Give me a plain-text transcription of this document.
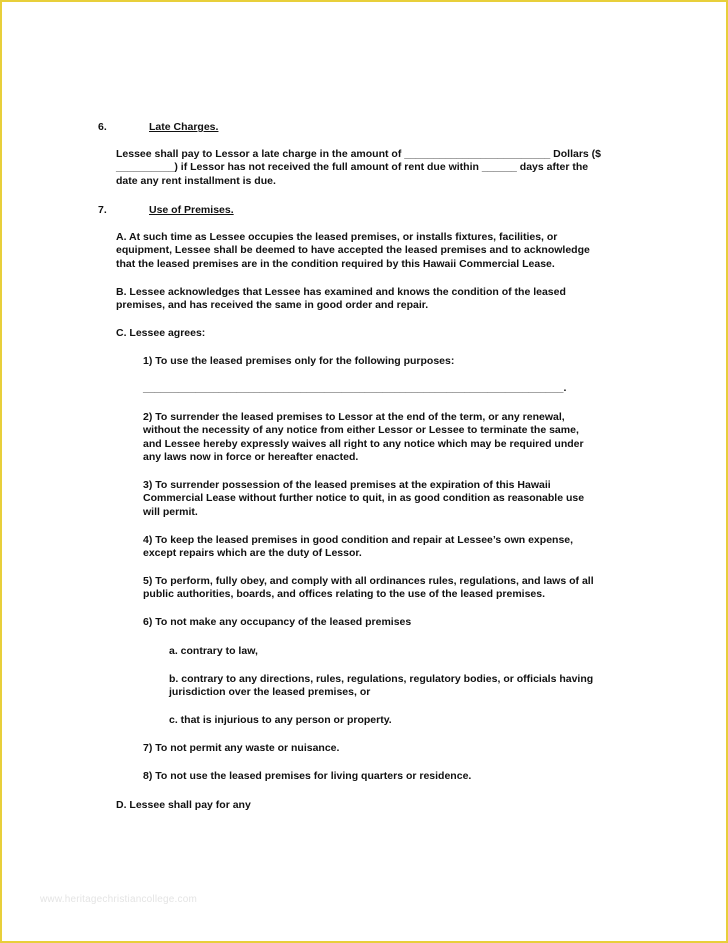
6.	Late Charges.
Lessee shall pay to Lessor a late charge in the amount of _________________________ Dollars ($
__________) if Lessor has not received the full amount of rent due within ______ days after the
date any rent installment is due.
7.	Use of Premises.
A. At such time as Lessee occupies the leased premises, or installs fixtures, facilities, or
equipment, Lessee shall be deemed to have accepted the leased premises and to acknowledge
that the leased premises are in the condition required by this Hawaii Commercial Lease.
B. Lessee acknowledges that Lessee has examined and knows the condition of the leased
premises, and has received the same in good order and repair.
C. Lessee agrees:
1) To use the leased premises only for the following purposes:
________________________________________________________________________.
2) To surrender the leased premises to Lessor at the end of the term, or any renewal,
without the necessity of any notice from either Lessor or Lessee to terminate the same,
and Lessee hereby expressly waives all right to any notice which may be required under
any laws now in force or hereafter enacted.
3) To surrender possession of the leased premises at the expiration of this Hawaii
Commercial Lease without further notice to quit, in as good condition as reasonable use
will permit.
4) To keep the leased premises in good condition and repair at Lessee’s own expense,
except repairs which are the duty of Lessor.
5) To perform, fully obey, and comply with all ordinances rules, regulations, and laws of all
public authorities, boards, and offices relating to the use of the leased premises.
6) To not make any occupancy of the leased premises
a. contrary to law,
b. contrary to any directions, rules, regulations, regulatory bodies, or officials having
jurisdiction over the leased premises, or
c. that is injurious to any person or property.
7) To not permit any waste or nuisance.
8) To not use the leased premises for living quarters or residence.
D. Lessee shall pay for any
www.heritagechristiancollege.com
